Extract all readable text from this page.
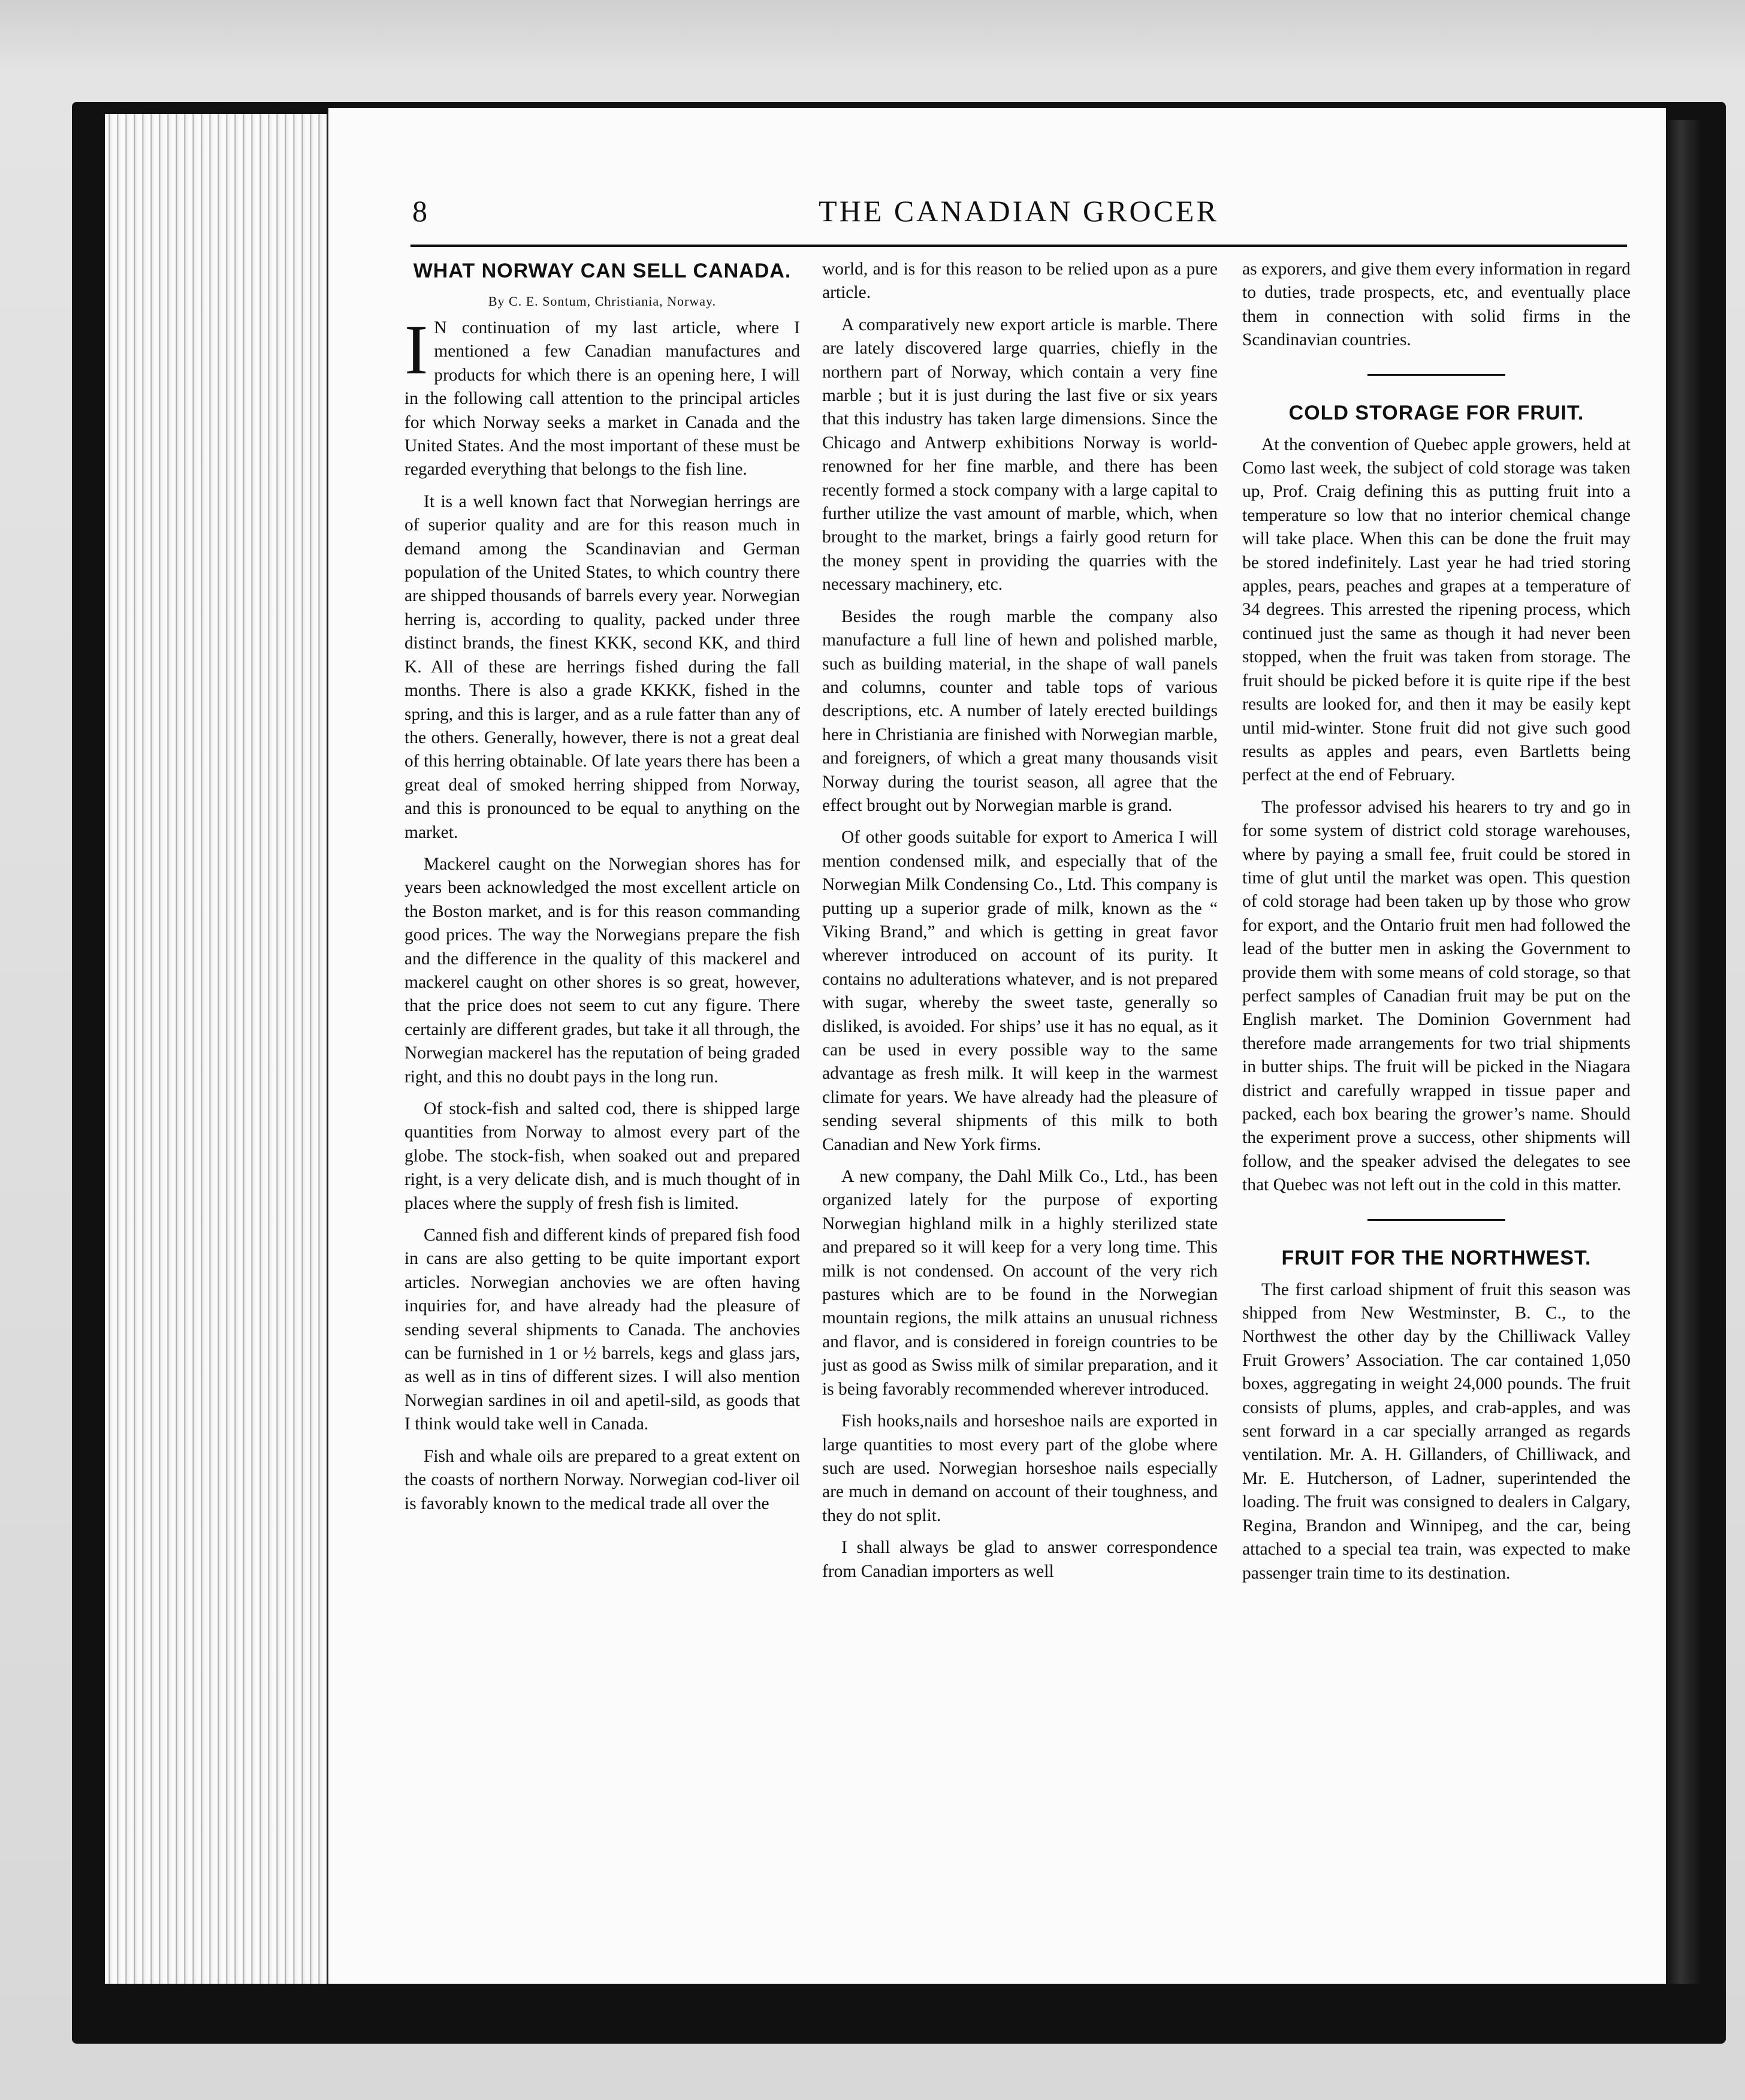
8	THE CANADIAN GROCER
WHAT NORWAY CAN SELL CANADA.
By C. E. Sontum, Christiania, Norway.

I N continuation of my last article, where I mentioned a few Canadian manufactures and products for which there is an opening here, I will in the following call attention to the principal articles for which Norway seeks a market in Canada and the United States. And the most important of these must be regarded everything that belongs to the fish line.

It is a well known fact that Norwegian herrings are of superior quality and are for this reason much in demand among the Scandinavian and German population of the United States, to which country there are shipped thousands of barrels every year. Norwegian herring is, according to quality, packed under three distinct brands, the finest KKK, second KK, and third K. All of these are herrings fished during the fall months. There is also a grade KKKK, fished in the spring, and this is larger, and as a rule fatter than any of the others. Generally, however, there is not a great deal of this herring obtainable. Of late years there has been a great deal of smoked herring shipped from Norway, and this is pronounced to be equal to anything on the market.

Mackerel caught on the Norwegian shores has for years been acknowledged the most excellent article on the Boston market, and is for this reason commanding good prices. The way the Norwegians prepare the fish and the difference in the quality of this mackerel and mackerel caught on other shores is so great, however, that the price does not seem to cut any figure. There certainly are different grades, but take it all through, the Norwegian mackerel has the reputation of being graded right, and this no doubt pays in the long run.

Of stock-fish and salted cod, there is shipped large quantities from Norway to almost every part of the globe. The stock-fish, when soaked out and prepared right, is a very delicate dish, and is much thought of in places where the supply of fresh fish is limited.

Canned fish and different kinds of prepared fish food in cans are also getting to be quite important export articles. Norwegian anchovies we are often having inquiries for, and have already had the pleasure of sending several shipments to Canada. The anchovies can be furnished in 1 or ½ barrels, kegs and glass jars, as well as in tins of different sizes. I will also mention Norwegian sardines in oil and apetil-sild, as goods that I think would take well in Canada.

Fish and whale oils are prepared to a great extent on the coasts of northern Norway. Norwegian cod-liver oil is favorably known to the medical trade all over the

world, and is for this reason to be relied upon as a pure article.

A comparatively new export article is marble. There are lately discovered large quarries, chiefly in the northern part of Norway, which contain a very fine marble ; but it is just during the last five or six years that this industry has taken large dimensions. Since the Chicago and Antwerp exhibitions Norway is world-renowned for her fine marble, and there has been recently formed a stock company with a large capital to further utilize the vast amount of marble, which, when brought to the market, brings a fairly good return for the money spent in providing the quarries with the necessary machinery, etc.

Besides the rough marble the company also manufacture a full line of hewn and polished marble, such as building material, in the shape of wall panels and columns, counter and table tops of various descriptions, etc. A number of lately erected buildings here in Christiania are finished with Norwegian marble, and foreigners, of which a great many thousands visit Norway during the tourist season, all agree that the effect brought out by Norwegian marble is grand.

Of other goods suitable for export to America I will mention condensed milk, and especially that of the Norwegian Milk Condensing Co., Ltd. This company is putting up a superior grade of milk, known as the “ Viking Brand,” and which is getting in great favor wherever introduced on account of its purity. It contains no adulterations whatever, and is not prepared with sugar, whereby the sweet taste, generally so disliked, is avoided. For ships’ use it has no equal, as it can be used in every possible way to the same advantage as fresh milk. It will keep in the warmest climate for years. We have already had the pleasure of sending several shipments of this milk to both Canadian and New York firms.

A new company, the Dahl Milk Co., Ltd., has been organized lately for the purpose of exporting Norwegian highland milk in a highly sterilized state and prepared so it will keep for a very long time. This milk is not condensed. On account of the very rich pastures which are to be found in the Norwegian mountain regions, the milk attains an unusual richness and flavor, and is considered in foreign countries to be just as good as Swiss milk of similar preparation, and it is being favorably recommended wherever introduced.

Fish hooks,nails and horseshoe nails are exported in large quantities to most every part of the globe where such are used. Norwegian horseshoe nails especially are much in demand on account of their toughness, and they do not split.

I shall always be glad to answer correspondence from Canadian importers as well

as exporers, and give them every information in regard to duties, trade prospects, etc, and eventually place them in connection with solid firms in the Scandinavian countries.

COLD STORAGE FOR FRUIT.

At the convention of Quebec apple growers, held at Como last week, the subject of cold storage was taken up, Prof. Craig defining this as putting fruit into a temperature so low that no interior chemical change will take place. When this can be done the fruit may be stored indefinitely. Last year he had tried storing apples, pears, peaches and grapes at a temperature of 34 degrees. This arrested the ripening process, which continued just the same as though it had never been stopped, when the fruit was taken from storage. The fruit should be picked before it is quite ripe if the best results are looked for, and then it may be easily kept until mid-winter. Stone fruit did not give such good results as apples and pears, even Bartletts being perfect at the end of February.

The professor advised his hearers to try and go in for some system of district cold storage warehouses, where by paying a small fee, fruit could be stored in time of glut until the market was open. This question of cold storage had been taken up by those who grow for export, and the Ontario fruit men had followed the lead of the butter men in asking the Government to provide them with some means of cold storage, so that perfect samples of Canadian fruit may be put on the English market. The Dominion Government had therefore made arrangements for two trial shipments in butter ships. The fruit will be picked in the Niagara district and carefully wrapped in tissue paper and packed, each box bearing the grower’s name. Should the experiment prove a success, other shipments will follow, and the speaker advised the delegates to see that Quebec was not left out in the cold in this matter.

FRUIT FOR THE NORTHWEST.

The first carload shipment of fruit this season was shipped from New Westminster, B. C., to the Northwest the other day by the Chilliwack Valley Fruit Growers’ Association. The car contained 1,050 boxes, aggregating in weight 24,000 pounds. The fruit consists of plums, apples, and crab-apples, and was sent forward in a car specially arranged as regards ventilation. Mr. A. H. Gillanders, of Chilliwack, and Mr. E. Hutcherson, of Ladner, superintended the loading. The fruit was consigned to dealers in Calgary, Regina, Brandon and Winnipeg, and the car, being attached to a special tea train, was expected to make passenger train time to its destination.
